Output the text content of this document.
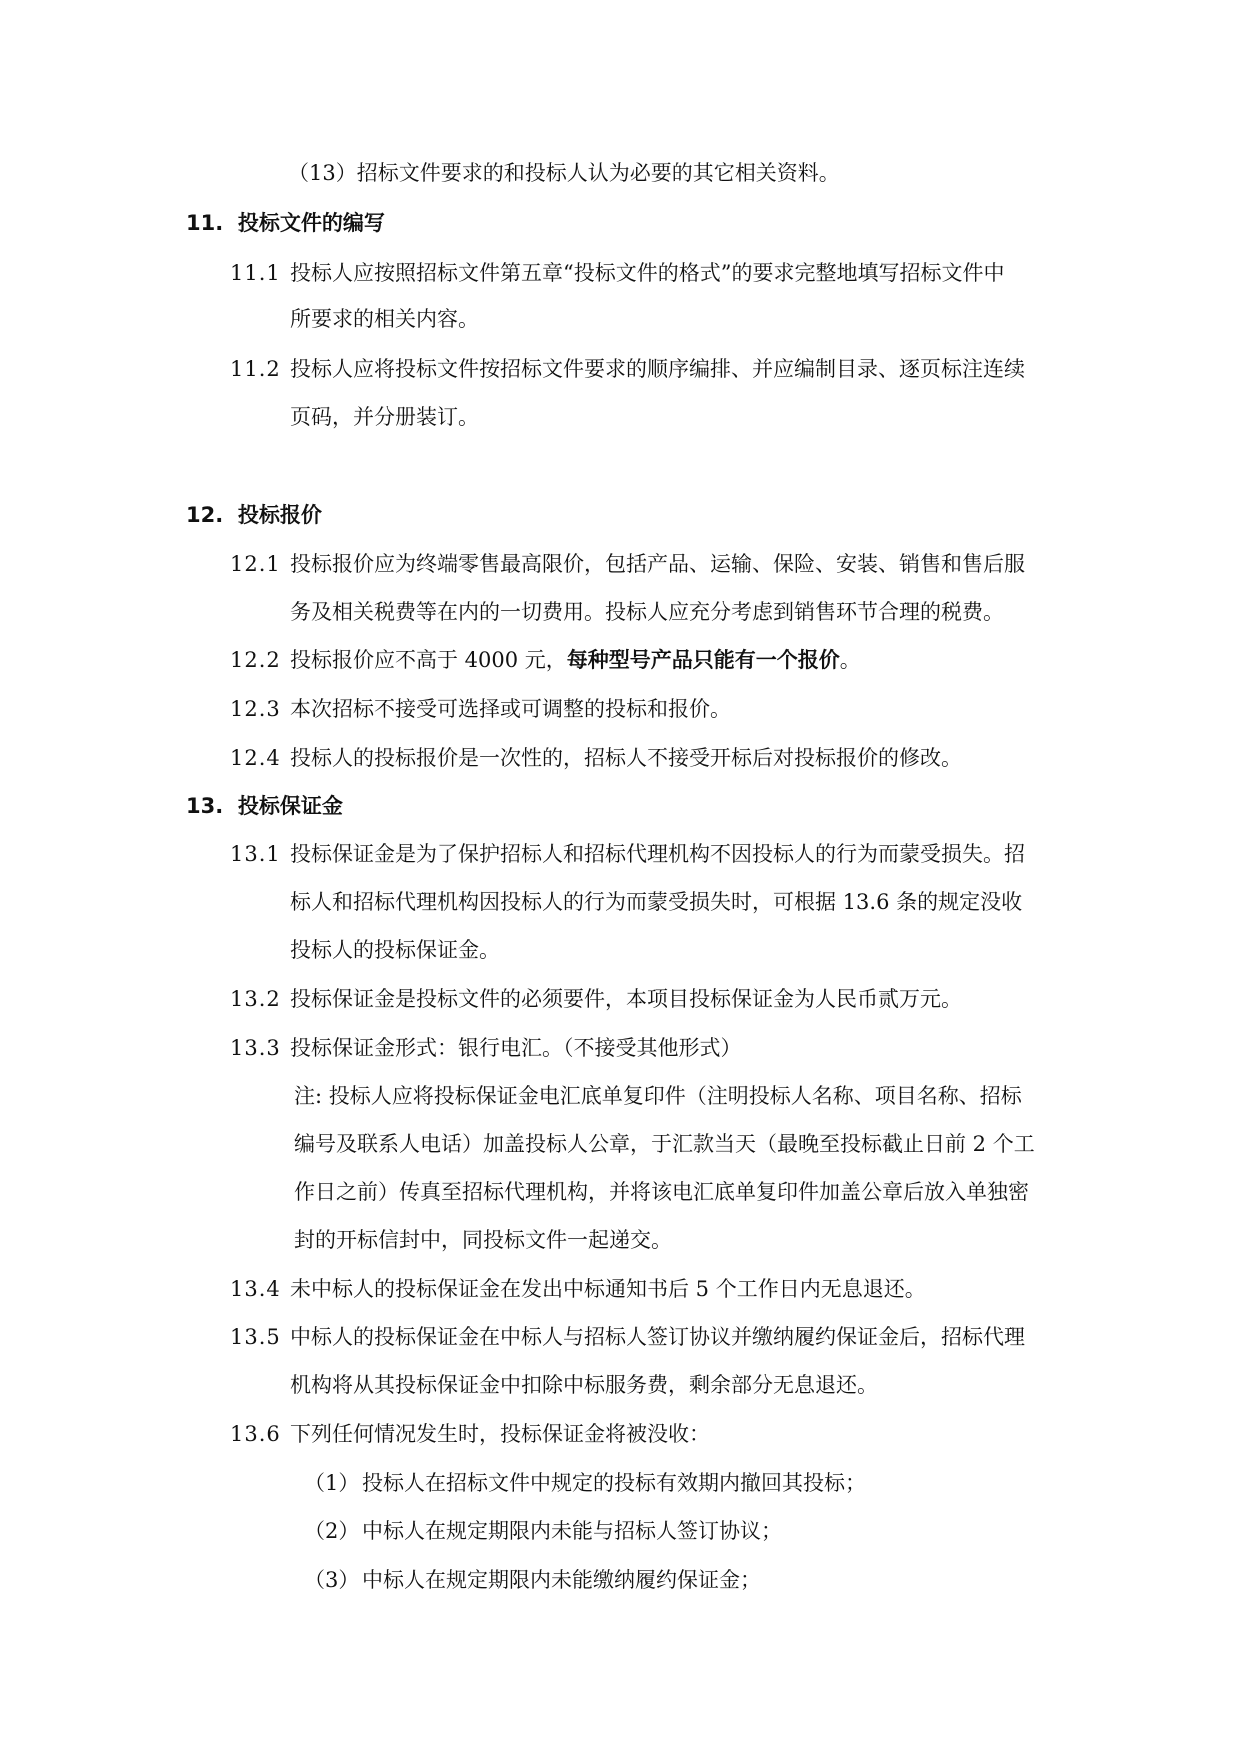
（13）招标文件要求的和投标人认为必要的其它相关资料。
11. 投标文件的编写
11.1 投标人应按照招标文件第五章“投标文件的格式”的要求完整地填写招标文件中
所要求的相关内容。
11.2 投标人应将投标文件按招标文件要求的顺序编排、并应编制目录、逐页标注连续
页码，并分册装订。
12. 投标报价
12.1 投标报价应为终端零售最高限价，包括产品、运输、保险、安装、销售和售后服
务及相关税费等在内的一切费用。投标人应充分考虑到销售环节合理的税费。
12.2 投标报价应不高于 4000 元，每种型号产品只能有一个报价。
12.3 本次招标不接受可选择或可调整的投标和报价。
12.4 投标人的投标报价是一次性的，招标人不接受开标后对投标报价的修改。
13. 投标保证金
13.1 投标保证金是为了保护招标人和招标代理机构不因投标人的行为而蒙受损失。招
标人和招标代理机构因投标人的行为而蒙受损失时，可根据 13.6 条的规定没收
投标人的投标保证金。
13.2 投标保证金是投标文件的必须要件，本项目投标保证金为人民币贰万元。
13.3 投标保证金形式：银行电汇。（不接受其他形式）
注: 投标人应将投标保证金电汇底单复印件（注明投标人名称、项目名称、招标
编号及联系人电话）加盖投标人公章，于汇款当天（最晚至投标截止日前 2 个工
作日之前）传真至招标代理机构，并将该电汇底单复印件加盖公章后放入单独密
封的开标信封中，同投标文件一起递交。
13.4 未中标人的投标保证金在发出中标通知书后 5 个工作日内无息退还。
13.5 中标人的投标保证金在中标人与招标人签订协议并缴纳履约保证金后，招标代理
机构将从其投标保证金中扣除中标服务费，剩余部分无息退还。
13.6 下列任何情况发生时，投标保证金将被没收：
（1） 投标人在招标文件中规定的投标有效期内撤回其投标；
（2） 中标人在规定期限内未能与招标人签订协议；
（3） 中标人在规定期限内未能缴纳履约保证金；
